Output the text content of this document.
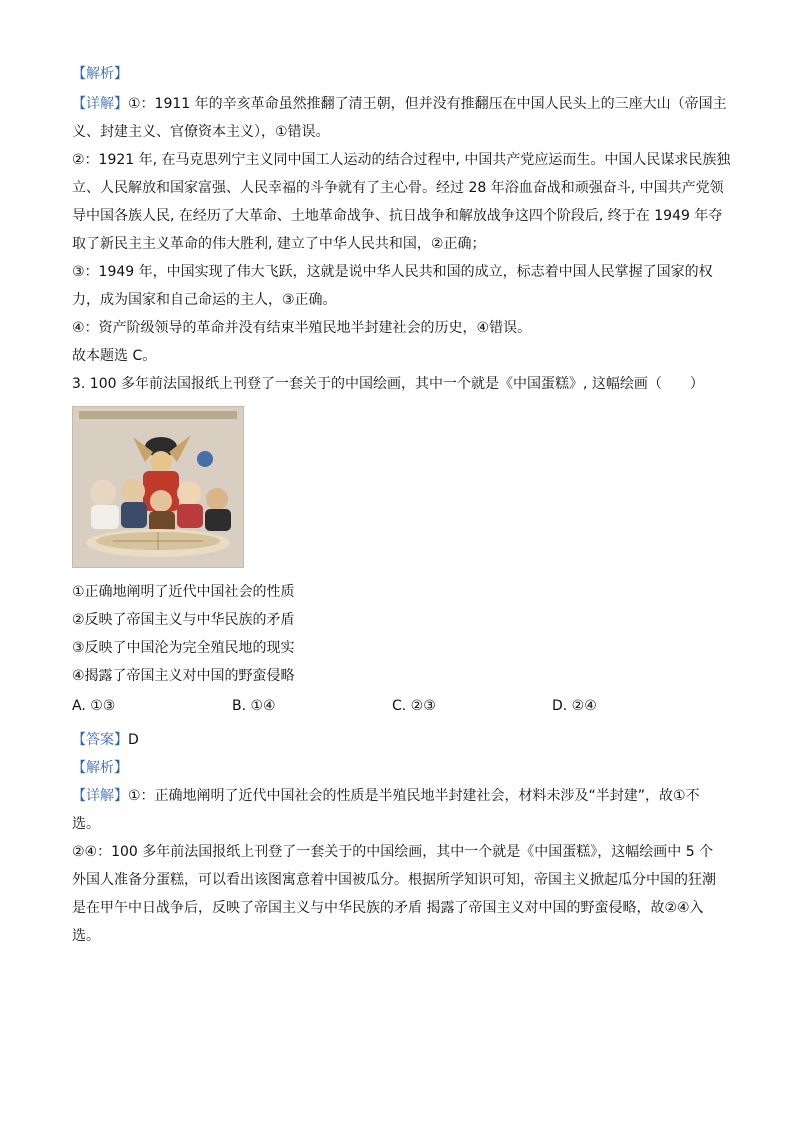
【解析】
【详解】①：1911 年的辛亥革命虽然推翻了清王朝，但并没有推翻压在中国人民头上的三座大山（帝国主
义、封建主义、官僚资本主义），①错误。
②：1921 年, 在马克思列宁主义同中国工人运动的结合过程中, 中国共产党应运而生。中国人民谋求民族独
立、人民解放和国家富强、人民幸福的斗争就有了主心骨。经过 28 年浴血奋战和顽强奋斗, 中国共产党领
导中国各族人民, 在经历了大革命、土地革命战争、抗日战争和解放战争这四个阶段后, 终于在 1949 年夺
取了新民主主义革命的伟大胜利, 建立了中华人民共和国，②正确；
③：1949 年，中国实现了伟大飞跃，这就是说中华人民共和国的成立，标志着中国人民掌握了国家的权
力，成为国家和自己命运的主人，③正确。
④：资产阶级领导的革命并没有结束半殖民地半封建社会的历史，④错误。
故本题选 C。
3. 100 多年前法国报纸上刊登了一套关于的中国绘画，其中一个就是《中国蛋糕》, 这幅绘画（　　）
①正确地阐明了近代中国社会的性质
②反映了帝国主义与中华民族的矛盾
③反映了中国沦为完全殖民地的现实
④揭露了帝国主义对中国的野蛮侵略
A. ①③	B. ①④	C. ②③	D. ②④
【答案】 D
【解析】
【详解】①：正确地阐明了近代中国社会的性质是半殖民地半封建社会，材料未涉及“半封建”，故①不
选。
②④：100 多年前法国报纸上刊登了一套关于的中国绘画，其中一个就是《中国蛋糕》，这幅绘画中 5 个
外国人准备分蛋糕，可以看出该图寓意着中国被瓜分。根据所学知识可知，帝国主义掀起瓜分中国的狂潮
是在甲午中日战争后，反映了帝国主义与中华民族的矛盾 揭露了帝国主义对中国的野蛮侵略，故②④入
选。
